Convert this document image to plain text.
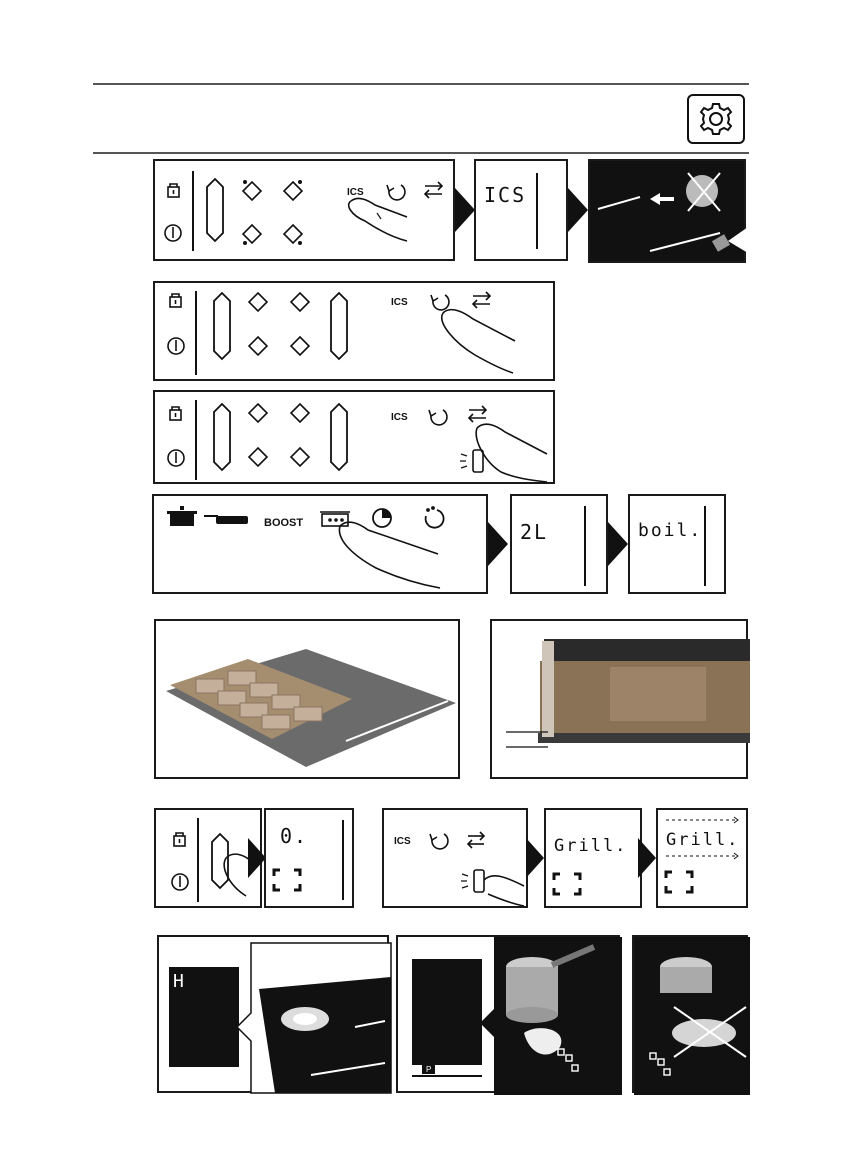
ICS	ICS
ICS
ICS
BOOST	2L	boil.
0.	ICS	Grill. Grill.
H
P
